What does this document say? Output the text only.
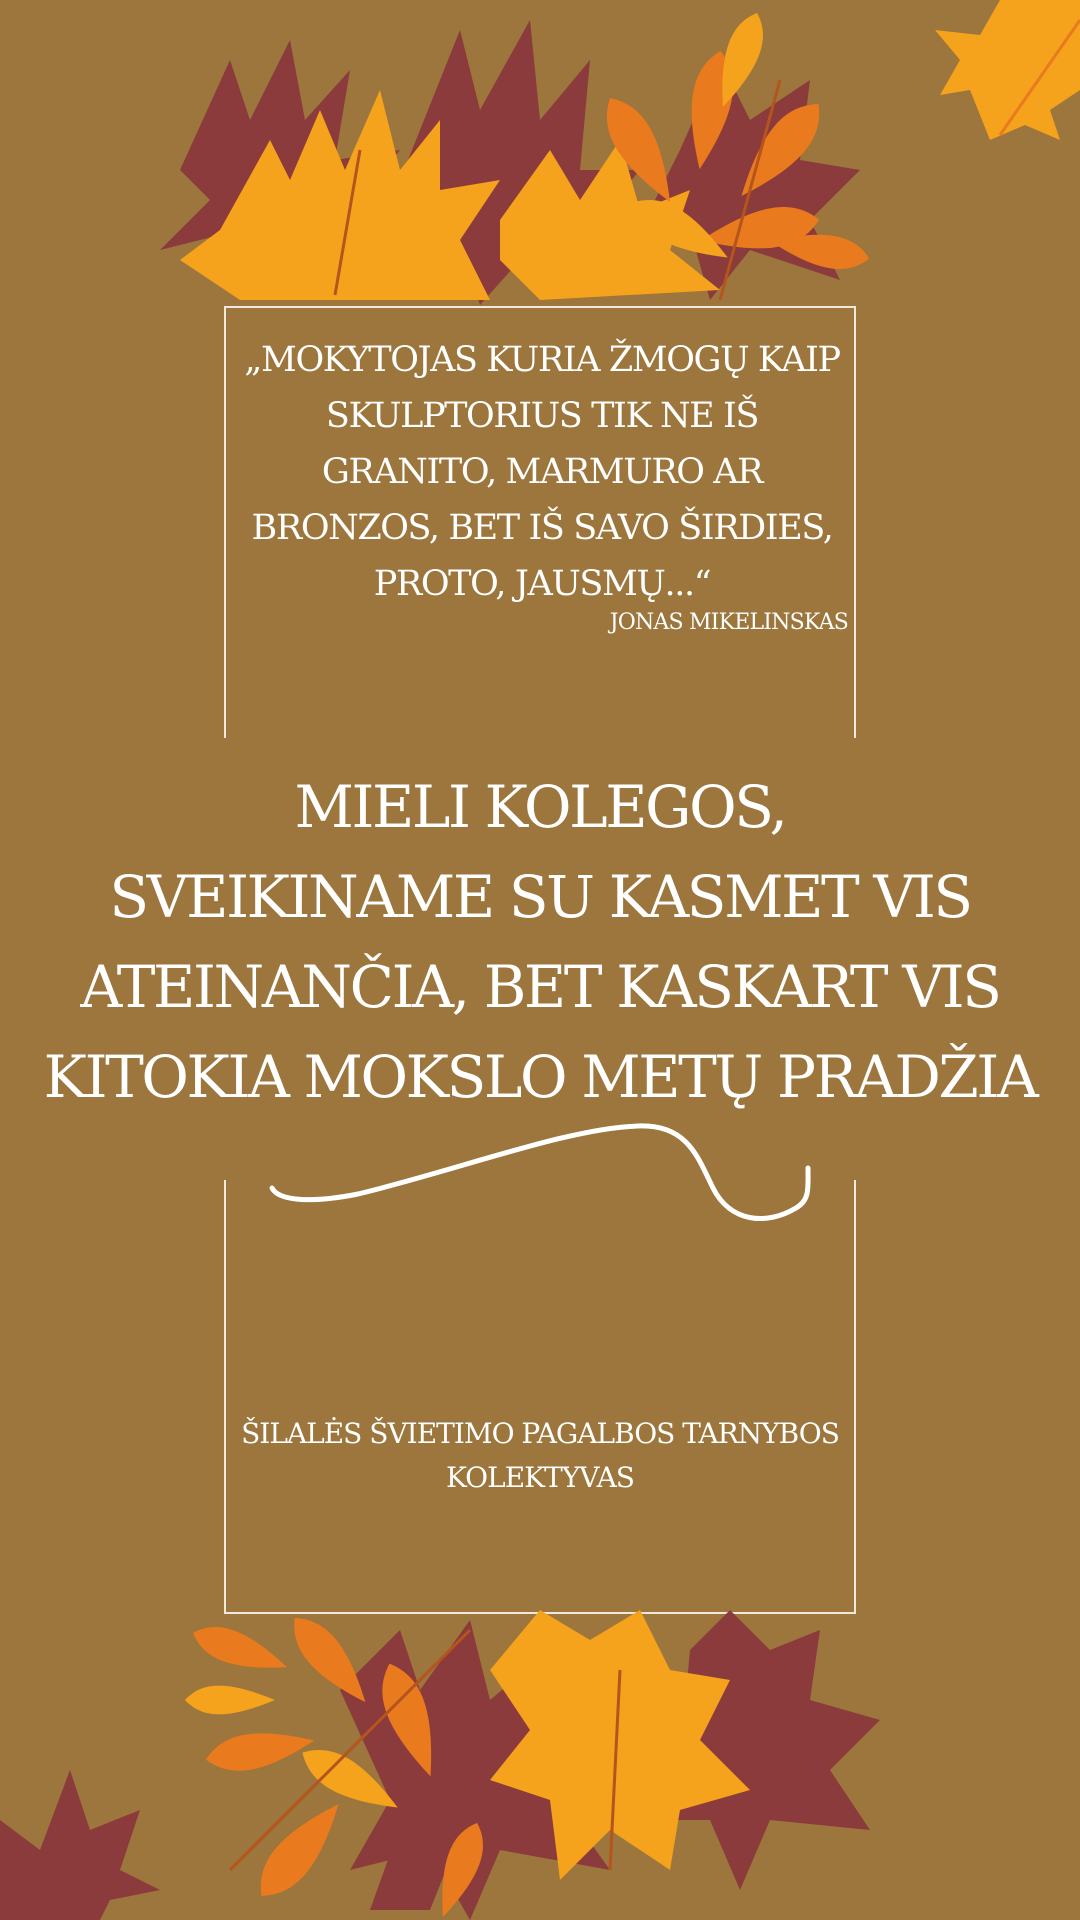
„MOKYTOJAS KURIA ŽMOGŲ KAIP
SKULPTORIUS TIK NE IŠ
GRANITO, MARMURO AR
BRONZOS, BET IŠ SAVO ŠIRDIES,
PROTO, JAUSMŲ...“
JONAS MIKELINSKAS
MIELI KOLEGOS,
SVEIKINAME SU KASMET VIS
ATEINANČIA, BET KASKART VIS
KITOKIA MOKSLO METŲ PRADŽIA
ŠILALĖS ŠVIETIMO PAGALBOS TARNYBOS
KOLEKTYVAS
